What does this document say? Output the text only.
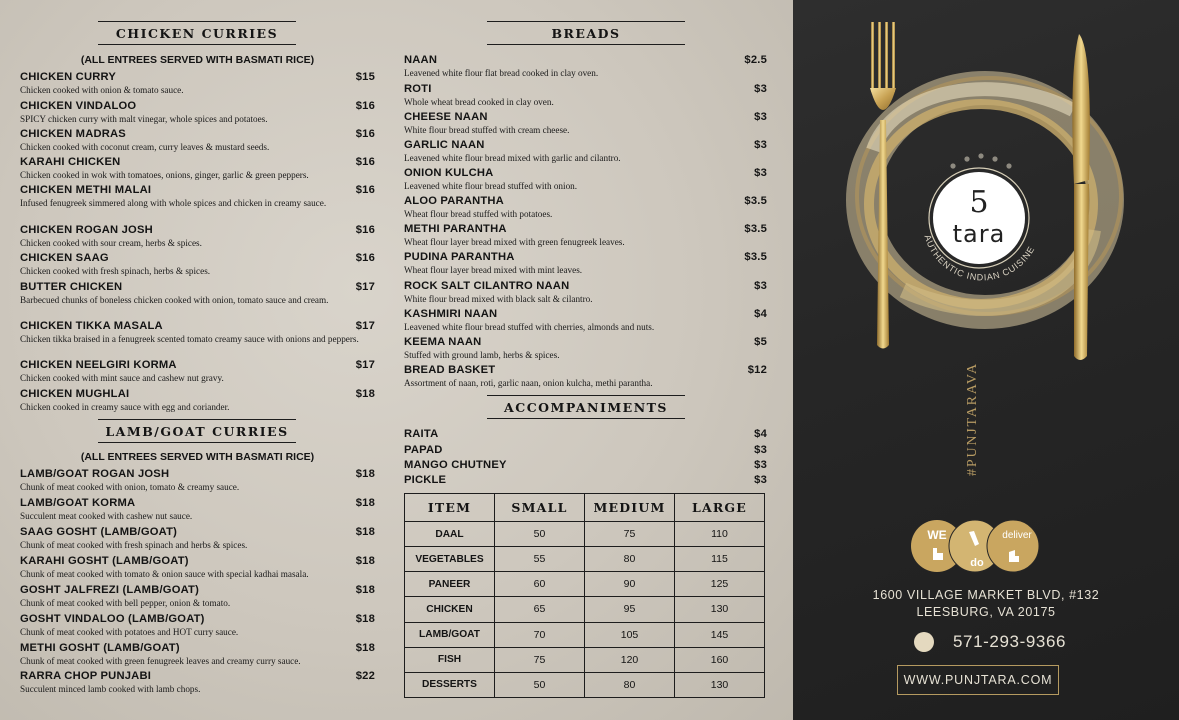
CHICKEN CURRIES
(ALL ENTREES SERVED WITH BASMATI RICE)
CHICKEN CURRY	$15
Chicken cooked with onion & tomato sauce.
CHICKEN VINDALOO	$16
SPICY chicken curry with malt vinegar, whole spices and potatoes.
CHICKEN MADRAS	$16
Chicken cooked with coconut cream, curry leaves & mustard seeds.
KARAHI CHICKEN	$16
Chicken cooked in wok with tomatoes, onions, ginger, garlic & green peppers.
CHICKEN METHI MALAI	$16
Infused fenugreek simmered along with whole spices and chicken in creamy sauce.
CHICKEN ROGAN JOSH	$16
Chicken cooked with sour cream, herbs & spices.
CHICKEN SAAG	$16
Chicken cooked with fresh spinach, herbs & spices.
BUTTER CHICKEN	$17
Barbecued chunks of boneless chicken cooked with onion, tomato sauce and cream.
CHICKEN TIKKA MASALA	$17
Chicken tikka braised in a fenugreek scented tomato creamy sauce with onions and peppers.
CHICKEN NEELGIRI KORMA	$17
Chicken cooked with mint sauce and cashew nut gravy.
CHICKEN MUGHLAI	$18
Chicken cooked in creamy sauce with egg and coriander.
LAMB/GOAT CURRIES
(ALL ENTREES SERVED WITH BASMATI RICE)
LAMB/GOAT ROGAN JOSH	$18
Chunk of meat cooked with onion, tomato & creamy sauce.
LAMB/GOAT KORMA	$18
Succulent meat cooked with cashew nut sauce.
SAAG GOSHT (LAMB/GOAT)	$18
Chunk of meat cooked with fresh spinach and herbs & spices.
KARAHI GOSHT (LAMB/GOAT)	$18
Chunk of meat cooked with tomato & onion sauce with special kadhai masala.
GOSHT JALFREZI (LAMB/GOAT)	$18
Chunk of meat cooked with bell pepper, onion & tomato.
GOSHT VINDALOO (LAMB/GOAT)	$18
Chunk of meat cooked with potatoes and HOT curry sauce.
METHI GOSHT (LAMB/GOAT)	$18
Chunk of meat cooked with green fenugreek leaves and creamy curry sauce.
RARRA CHOP PUNJABI	$22
Succulent minced lamb cooked with lamb chops.
BREADS
NAAN	$2.5
Leavened white flour flat bread cooked in clay oven.
ROTI	$3
Whole wheat bread cooked in clay oven.
CHEESE NAAN	$3
White flour bread stuffed with cream cheese.
GARLIC NAAN	$3
Leavened white flour bread mixed with garlic and cilantro.
ONION KULCHA	$3
Leavened white flour bread stuffed with onion.
ALOO PARANTHA	$3.5
Wheat flour bread stuffed with potatoes.
METHI PARANTHA	$3.5
Wheat flour layer bread mixed with green fenugreek leaves.
PUDINA PARANTHA	$3.5
Wheat flour layer bread mixed with mint leaves.
ROCK SALT CILANTRO NAAN	$3
White flour bread mixed with black salt & cilantro.
KASHMIRI NAAN	$4
Leavened white flour bread stuffed with cherries, almonds and nuts.
KEEMA NAAN	$5
Stuffed with ground lamb, herbs & spices.
BREAD BASKET	$12
Assortment of naan, roti, garlic naan, onion kulcha, methi parantha.
ACCOMPANIMENTS
RAITA	$4
PAPAD	$3
MANGO CHUTNEY	$3
PICKLE	$3
ITEM	SMALL	MEDIUM	LARGE
DAAL	50	75	110
VEGETABLES	55	80	115
PANEER	60	90	125
CHICKEN	65	95	130
LAMB/GOAT	70	105	145
FISH	75	120	160
DESSERTS	50	80	130
5
tara
AUTHENTIC INDIAN CUISINE
WE
do
deliver
#PUNJTARAVA
1600 VILLAGE MARKET BLVD, #132
LEESBURG, VA 20175
571-293-9366
WWW.PUNJTARA.COM
